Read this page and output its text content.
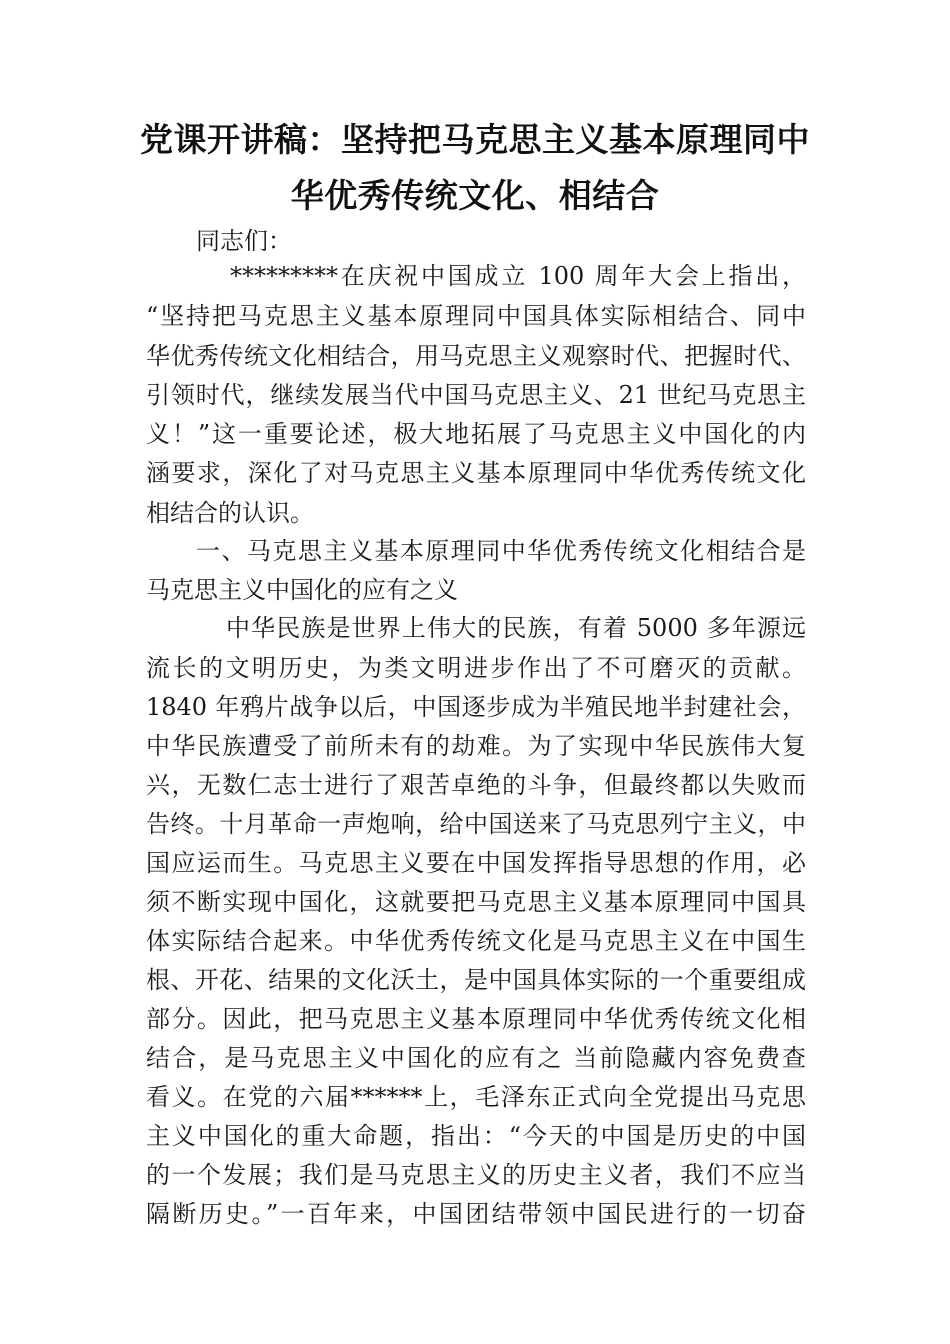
党课开讲稿：坚持把马克思主义基本原理同中
华优秀传统文化、相结合
同志们：
*********在庆祝中国成立 100 周年大会上指出，
“坚持把马克思主义基本原理同中国具体实际相结合、同中
华优秀传统文化相结合，用马克思主义观察时代、把握时代、
引领时代，继续发展当代中国马克思主义、21 世纪马克思主
义！”这一重要论述，极大地拓展了马克思主义中国化的内
涵要求，深化了对马克思主义基本原理同中华优秀传统文化
相结合的认识。
一、马克思主义基本原理同中华优秀传统文化相结合是
马克思主义中国化的应有之义
中华民族是世界上伟大的民族，有着 5000 多年源远
流长的文明历史，为类文明进步作出了不可磨灭的贡献。
1840 年鸦片战争以后，中国逐步成为半殖民地半封建社会，
中华民族遭受了前所未有的劫难。为了实现中华民族伟大复
兴，无数仁志士进行了艰苦卓绝的斗争，但最终都以失败而
告终。十月革命一声炮响，给中国送来了马克思列宁主义，中
国应运而生。马克思主义要在中国发挥指导思想的作用，必
须不断实现中国化，这就要把马克思主义基本原理同中国具
体实际结合起来。中华优秀传统文化是马克思主义在中国生
根、开花、结果的文化沃土，是中国具体实际的一个重要组成
部分。因此，把马克思主义基本原理同中华优秀传统文化相
结合，是马克思主义中国化的应有之 当前隐藏内容免费查
看义。在党的六届******上，毛泽东正式向全党提出马克思
主义中国化的重大命题，指出：“今天的中国是历史的中国
的一个发展；我们是马克思主义的历史主义者，我们不应当
隔断历史。”一百年来，中国团结带领中国民进行的一切奋
